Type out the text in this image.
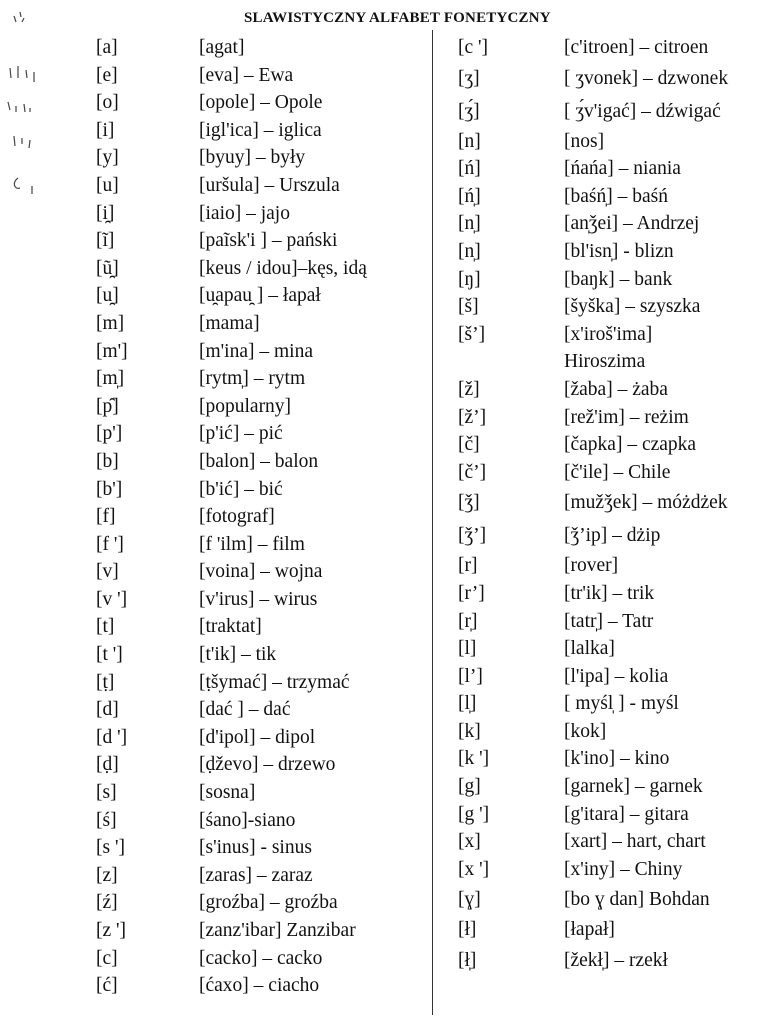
SLAWISTYCZNY ALFABET FONETYCZNY
[a]	[agat]
[e]	[eva] – Ewa
[o]	[opole] – Opole
[i]	[igl'ica] – iglica
[y]	[byuy] – były
[u]	[uršula] – Urszula
[i̯]	[iaio] – jajo
[ĩ]	[paĩsk'i ] – pański
[ũ̯]	[keus / idou]–kęs, idą
[u̯]	[u̯apau̯ ] – łapał
[m]	[mama]
[m']	[m'ina] – mina
[m̩]	[rytm̩] – rytm
[p̑]	[popularny]
[p']	[p'ić] – pić
[b]	[balon] – balon
[b']	[b'ić] – bić
[f]	[fotograf]
[f ']	[f 'ilm] – film
[v]	[voina] – wojna
[v ']	[v'irus] – wirus
[t]	[traktat]
[t ']	[t'ik] – tik
[ṭ]	[ṭšymać] – trzymać
[d]	[dać ] – dać
[d ']	[d'ipol] – dipol
[ḍ]	[ḍževo] – drzewo
[s]	[sosna]
[ś]	[śano]-siano
[s ']	[s'inus] - sinus
[z]	[zaras] – zaraz
[ź]	[groźba] – groźba
[z ']	[zanz'ibar] Zanzibar
[c]	[cacko] – cacko
[ć]	[ćaxo] – ciacho
[c ']	[c'itroen] – citroen
[ʒ]	[ ʒvonek] – dzwonek
[ʒ́]	[ ʒ́v'igać] – dźwigać
[n]	[nos]
[ń]	[ńańa] – niania
[ń̩]	[baśń̩] – baśń
[n̩]	[an̩ǯei] – Andrzej
[n̩]	[bl'isn̩] - blizn
[ŋ]	[baŋk] – bank
[š]	[šyška] – szyszka
[š’]	[x'iroš'ima]
Hiroszima
[ž]	[žaba] – żaba
[ž’]	[rež'im] – reżim
[č]	[čapka] – czapka
[č’]	[č'ile] – Chile
[ǯ]	[mužǯek] – móżdżek
[ǯ’]	[ǯ’ip] – dżip
[r]	[rover]
[r’]	[tr'ik] – trik
[r̩]	[tatr̩] – Tatr
[l]	[lalka]
[l’]	[l'ipa] – kolia
[l̩]	[ myśl̩ ] - myśl
[k]	[kok]
[k ']	[k'ino] – kino
[g]	[garnek] – garnek
[g ']	[g'itara] – gitara
[x]	[xart] – hart, chart
[x ']	[x'iny] – Chiny
[ɣ]	[bo ɣ dan] Bohdan
[ł]	[łapał]
[ł̩]	[žekł̩] – rzekł
